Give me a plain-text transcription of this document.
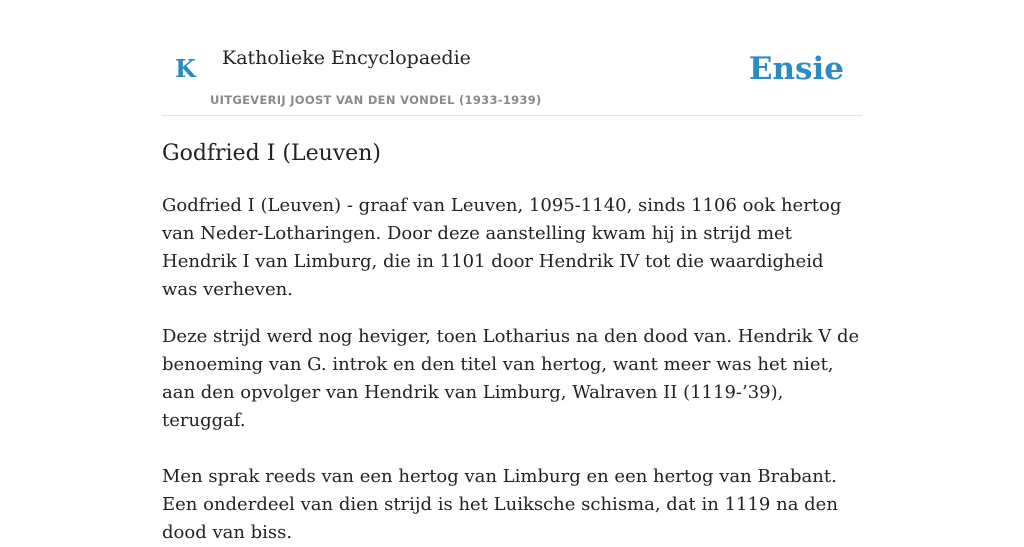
K Katholieke Encyclopaedie
UITGEVERIJ JOOST VAN DEN VONDEL (1933-1939)
Ensie
Godfried I (Leuven)

Godfried I (Leuven) - graaf van Leuven, 1095-1140, sinds 1106 ook hertog van Neder-Lotharingen. Door deze aanstelling kwam hij in strijd met Hendrik I van Limburg, die in 1101 door Hendrik IV tot die waardigheid was verheven.

Deze strijd werd nog heviger, toen Lotharius na den dood van. Hendrik V de benoeming van G. introk en den titel van hertog, want meer was het niet, aan den opvolger van Hendrik van Limburg, Walraven II (1119-’39), teruggaf.

Men sprak reeds van een hertog van Limburg en een hertog van Brabant. Een onderdeel van dien strijd is het Luiksche schisma, dat in 1119 na den dood van biss.
